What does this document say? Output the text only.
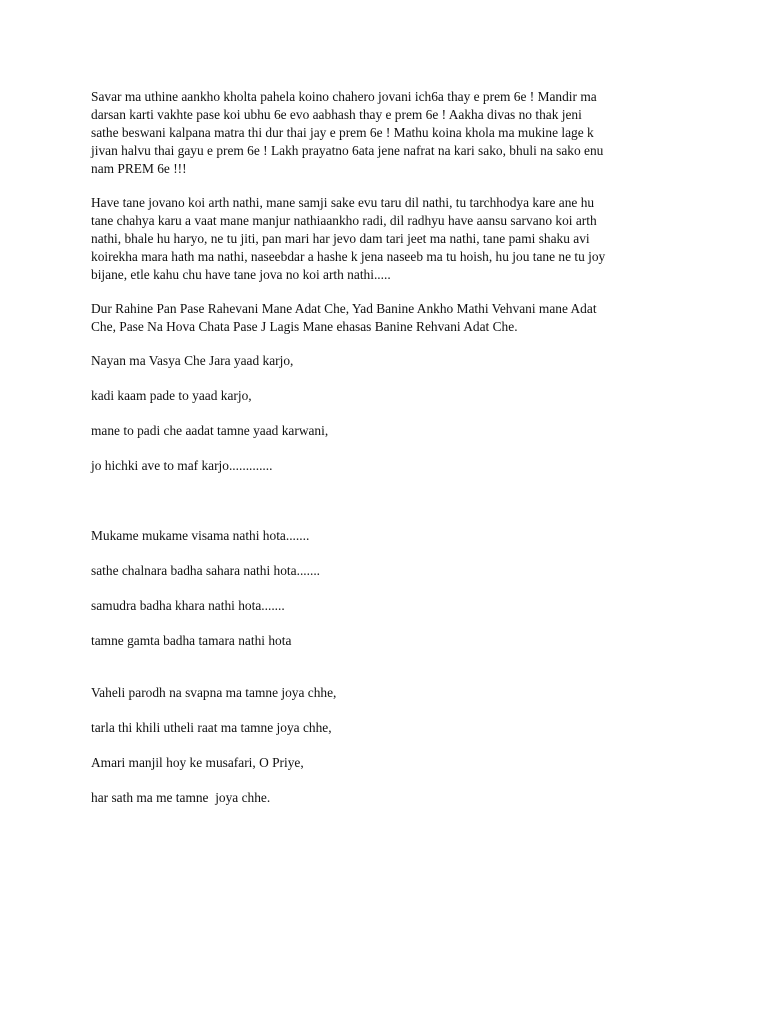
Savar ma uthine aankho kholta pahela koino chahero jovani ich6a thay e prem 6e ! Mandir ma
darsan karti vakhte pase koi ubhu 6e evo aabhash thay e prem 6e ! Aakha divas no thak jeni
sathe beswani kalpana matra thi dur thai jay e prem 6e ! Mathu koina khola ma mukine lage k
jivan halvu thai gayu e prem 6e ! Lakh prayatno 6ata jene nafrat na kari sako, bhuli na sako enu
nam PREM 6e !!!

Have tane jovano koi arth nathi, mane samji sake evu taru dil nathi, tu tarchhodya kare ane hu
tane chahya karu a vaat mane manjur nathiaankho radi, dil radhyu have aansu sarvano koi arth
nathi, bhale hu haryo, ne tu jiti, pan mari har jevo dam tari jeet ma nathi, tane pami shaku avi
koirekha mara hath ma nathi, naseebdar a hashe k jena naseeb ma tu hoish, hu jou tane ne tu joy
bijane, etle kahu chu have tane jova no koi arth nathi.....

Dur Rahine Pan Pase Rahevani Mane Adat Che, Yad Banine Ankho Mathi Vehvani mane Adat
Che, Pase Na Hova Chata Pase J Lagis Mane ehasas Banine Rehvani Adat Che.

Nayan ma Vasya Che Jara yaad karjo,
kadi kaam pade to yaad karjo,
mane to padi che aadat tamne yaad karwani,
jo hichki ave to maf karjo.............
Mukame mukame visama nathi hota.......
sathe chalnara badha sahara nathi hota.......
samudra badha khara nathi hota.......
tamne gamta badha tamara nathi hota
Vaheli parodh na svapna ma tamne joya chhe,
tarla thi khili utheli raat ma tamne joya chhe,
Amari manjil hoy ke musafari, O Priye,
har sath ma me tamne  joya chhe.
